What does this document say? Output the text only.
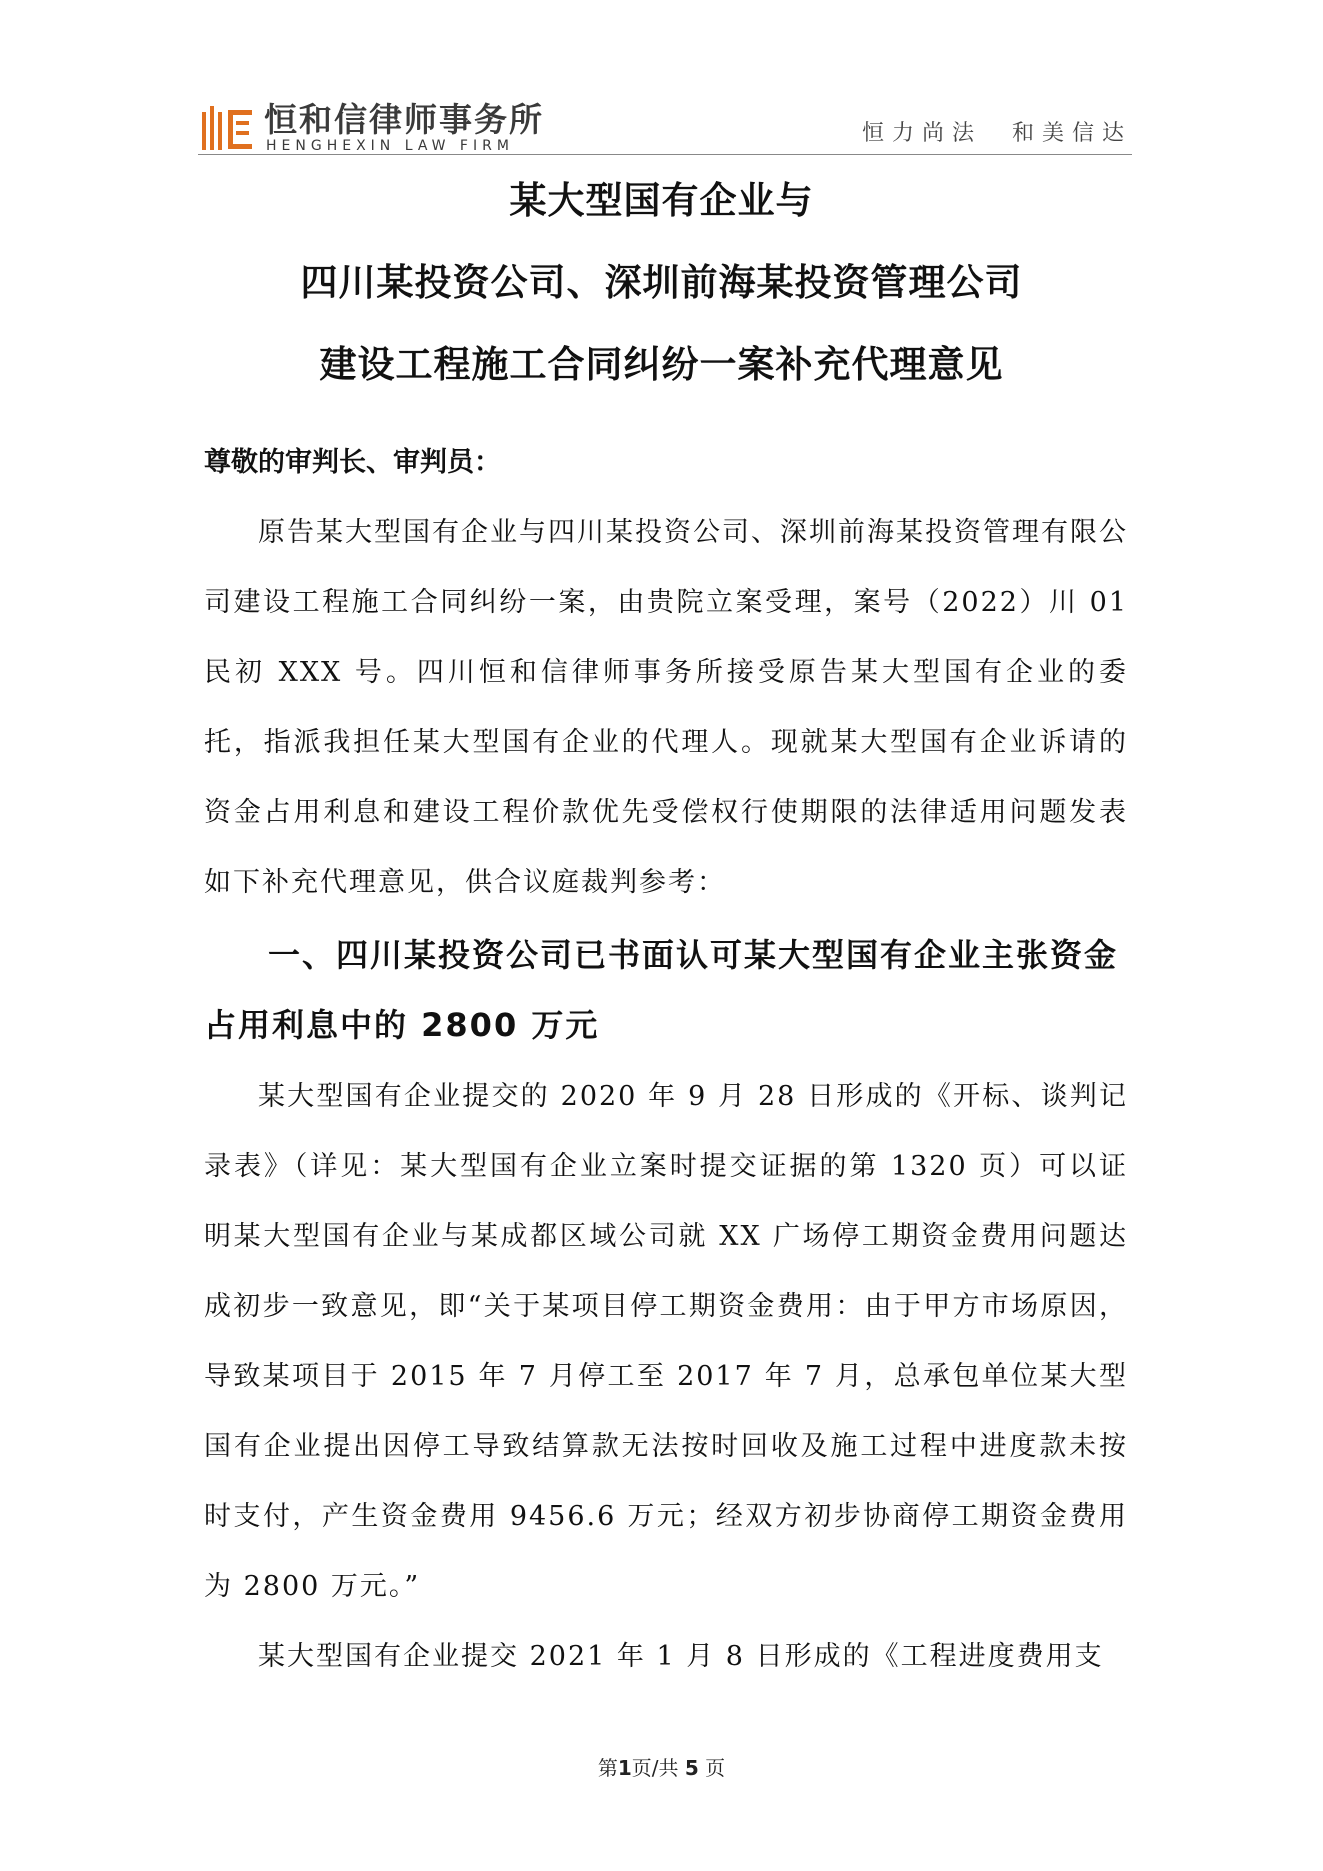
恒和信律师事务所
HENGHEXIN LAW FIRM	恒力尚法　和美信达
某大型国有企业与
四川某投资公司、深圳前海某投资管理公司
建设工程施工合同纠纷一案补充代理意见
尊敬的审判长、审判员：

原告某大型国有企业与四川某投资公司、深圳前海某投资管理有限公司建设工程施工合同纠纷一案，由贵院立案受理，案号（2022）川 01 民初 XXX 号。四川恒和信律师事务所接受原告某大型国有企业的委托，指派我担任某大型国有企业的代理人。现就某大型国有企业诉请的资金占用利息和建设工程价款优先受偿权行使期限的法律适用问题发表如下补充代理意见，供合议庭裁判参考：

一、四川某投资公司已书面认可某大型国有企业主张资金占用利息中的 2800 万元

某大型国有企业提交的 2020 年 9 月 28 日形成的《开标、谈判记录表》（详见：某大型国有企业立案时提交证据的第 1320 页）可以证明某大型国有企业与某成都区域公司就 XX 广场停工期资金费用问题达成初步一致意见，即“关于某项目停工期资金费用：由于甲方市场原因，导致某项目于 2015 年 7 月停工至 2017 年 7 月，总承包单位某大型国有企业提出因停工导致结算款无法按时回收及施工过程中进度款未按时支付，产生资金费用 9456.6 万元；经双方初步协商停工期资金费用为 2800 万元。”

某大型国有企业提交 2021 年 1 月 8 日形成的《工程进度费用支

第1页/共 5 页
